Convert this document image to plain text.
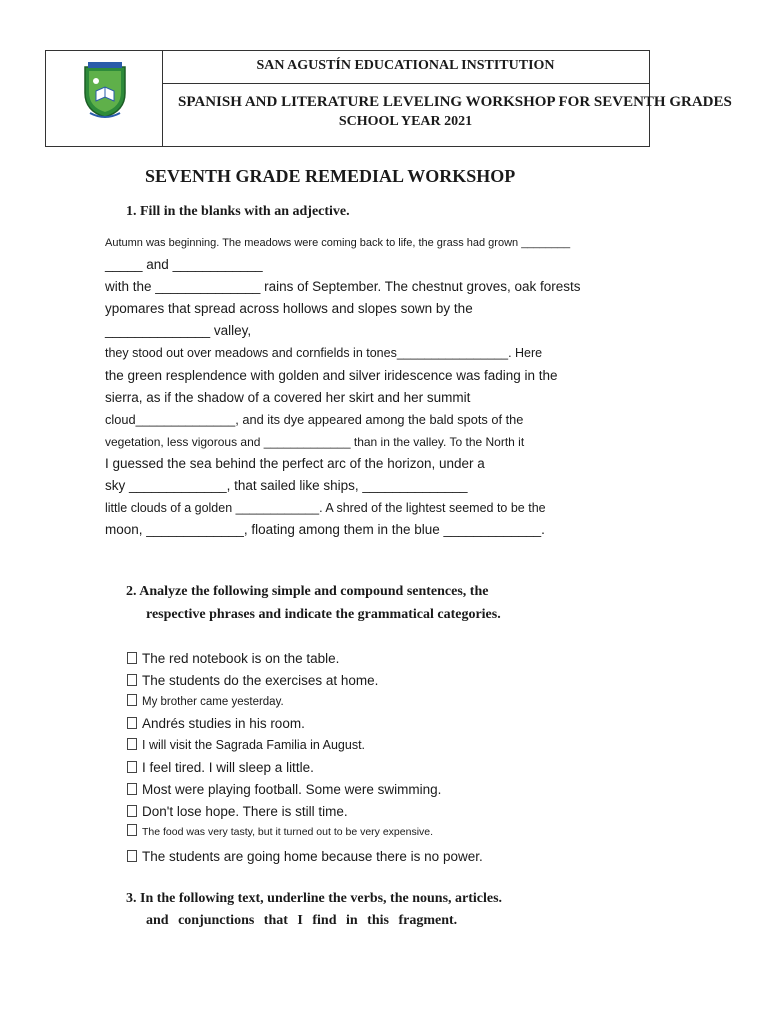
SAN AGUSTÍN EDUCATIONAL INSTITUTION
SPANISH AND LITERATURE LEVELING WORKSHOP FOR SEVENTH GRADES
SCHOOL YEAR 2021
SEVENTH GRADE REMEDIAL WORKSHOP
1. Fill in the blanks with an adjective.
Autumn was beginning. The meadows were coming back to life, the grass had grown ________
_____ and ____________
with the ______________ rains of September. The chestnut groves, oak forests
ypomares that spread across hollows and slopes sown by the
______________ valley,
they stood out over meadows and cornfields in tones________________. Here
the green resplendence with golden and silver iridescence was fading in the
sierra, as if the shadow of a covered her skirt and her summit
cloud______________, and its dye appeared among the bald spots of the
vegetation, less vigorous and _____________ than in the valley. To the North it
I guessed the sea behind the perfect arc of the horizon, under a
sky _____________, that sailed like ships, ______________
little clouds of a golden ____________. A shred of the lightest seemed to be the
moon, _____________, floating among them in the blue _____________.
2. Analyze the following simple and compound sentences, the
respective phrases and indicate the grammatical categories.
The red notebook is on the table.
The students do the exercises at home.
My brother came yesterday.
Andrés studies in his room.
I will visit the Sagrada Familia in August.
I feel tired. I will sleep a little.
Most were playing football. Some were swimming.
Don't lose hope. There is still time.
The food was very tasty, but it turned out to be very expensive.
The students are going home because there is no power.
3. In the following text, underline the verbs, the nouns, articles.
and conjunctions that I find in this fragment.
